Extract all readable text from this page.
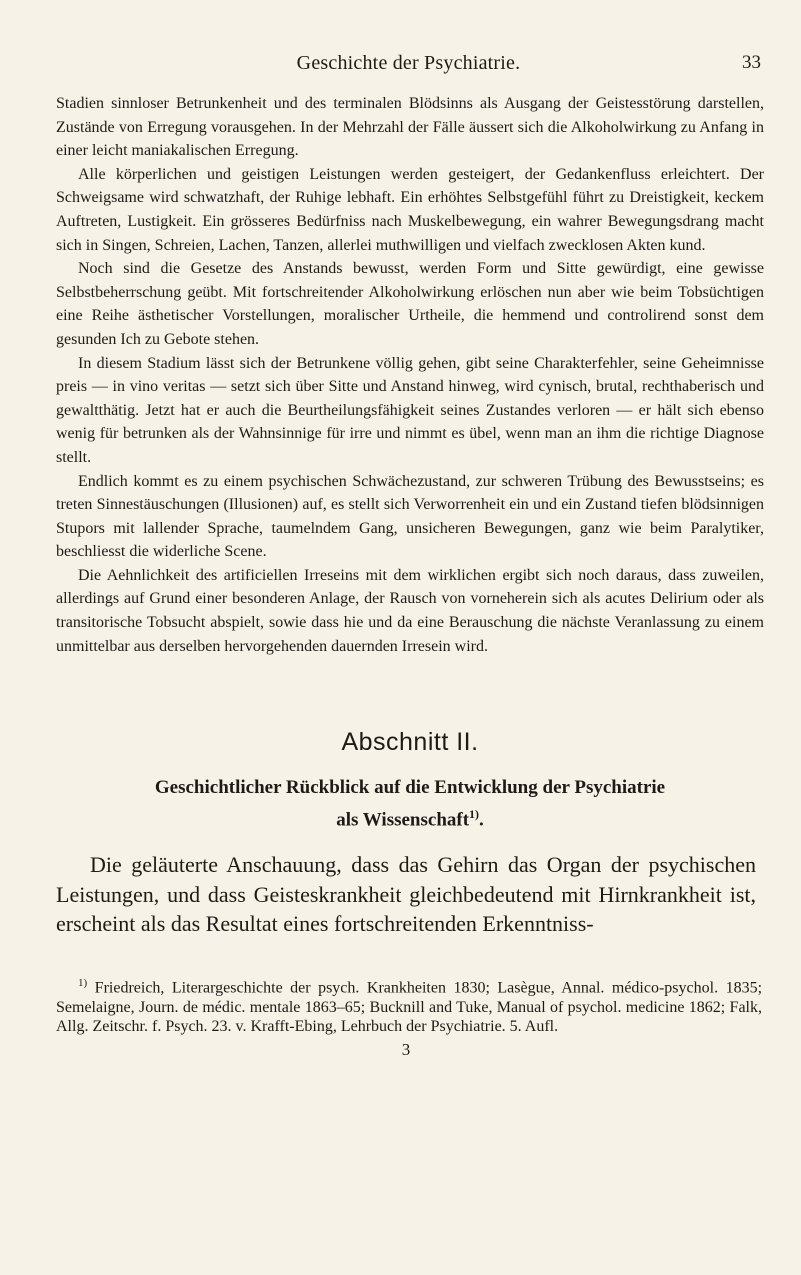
Geschichte der Psychiatrie.	33

Stadien sinnloser Betrunkenheit und des terminalen Blödsinns als Ausgang der Geistesstörung darstellen, Zustände von Erregung vorausgehen. In der Mehrzahl der Fälle äussert sich die Alkoholwirkung zu Anfang in einer leicht maniakalischen Erregung.

Alle körperlichen und geistigen Leistungen werden gesteigert, der Gedankenfluss erleichtert. Der Schweigsame wird schwatzhaft, der Ruhige lebhaft. Ein erhöhtes Selbstgefühl führt zu Dreistigkeit, keckem Auftreten, Lustigkeit. Ein grösseres Bedürfniss nach Muskelbewegung, ein wahrer Bewegungsdrang macht sich in Singen, Schreien, Lachen, Tanzen, allerlei muthwilligen und vielfach zwecklosen Akten kund.

Noch sind die Gesetze des Anstands bewusst, werden Form und Sitte gewürdigt, eine gewisse Selbstbeherrschung geübt. Mit fortschreitender Alkoholwirkung erlöschen nun aber wie beim Tobsüchtigen eine Reihe ästhetischer Vorstellungen, moralischer Urtheile, die hemmend und controlirend sonst dem gesunden Ich zu Gebote stehen.

In diesem Stadium lässt sich der Betrunkene völlig gehen, gibt seine Charakterfehler, seine Geheimnisse preis — in vino veritas — setzt sich über Sitte und Anstand hinweg, wird cynisch, brutal, rechthaberisch und gewaltthätig. Jetzt hat er auch die Beurtheilungsfähigkeit seines Zustandes verloren — er hält sich ebenso wenig für betrunken als der Wahnsinnige für irre und nimmt es übel, wenn man an ihm die richtige Diagnose stellt.

Endlich kommt es zu einem psychischen Schwächezustand, zur schweren Trübung des Bewusstseins; es treten Sinnestäuschungen (Illusionen) auf, es stellt sich Verworrenheit ein und ein Zustand tiefen blödsinnigen Stupors mit lallender Sprache, taumelndem Gang, unsicheren Bewegungen, ganz wie beim Paralytiker, beschliesst die widerliche Scene.

Die Aehnlichkeit des artificiellen Irreseins mit dem wirklichen ergibt sich noch daraus, dass zuweilen, allerdings auf Grund einer besonderen Anlage, der Rausch von vorneherein sich als acutes Delirium oder als transitorische Tobsucht abspielt, sowie dass hie und da eine Berauschung die nächste Veranlassung zu einem unmittelbar aus derselben hervorgehenden dauernden Irresein wird.

Abschnitt II.
Geschichtlicher Rückblick auf die Entwicklung der Psychiatrie
als Wissenschaft$^{1)}$.

Die geläuterte Anschauung, dass das Gehirn das Organ der psychischen Leistungen, und dass Geisteskrankheit gleichbedeutend mit Hirnkrankheit ist, erscheint als das Resultat eines fortschreitenden Erkenntniss-

$^{1)}$ Friedreich, Literargeschichte der psych. Krankheiten 1830; Lasègue, Annal. médico-psychol. 1835; Semelaigne, Journ. de médic. mentale 1863–65; Bucknill and Tuke, Manual of psychol. medicine 1862; Falk, Allg. Zeitschr. f. Psych. 23. v. Krafft-Ebing, Lehrbuch der Psychiatrie. 5. Aufl.

3
